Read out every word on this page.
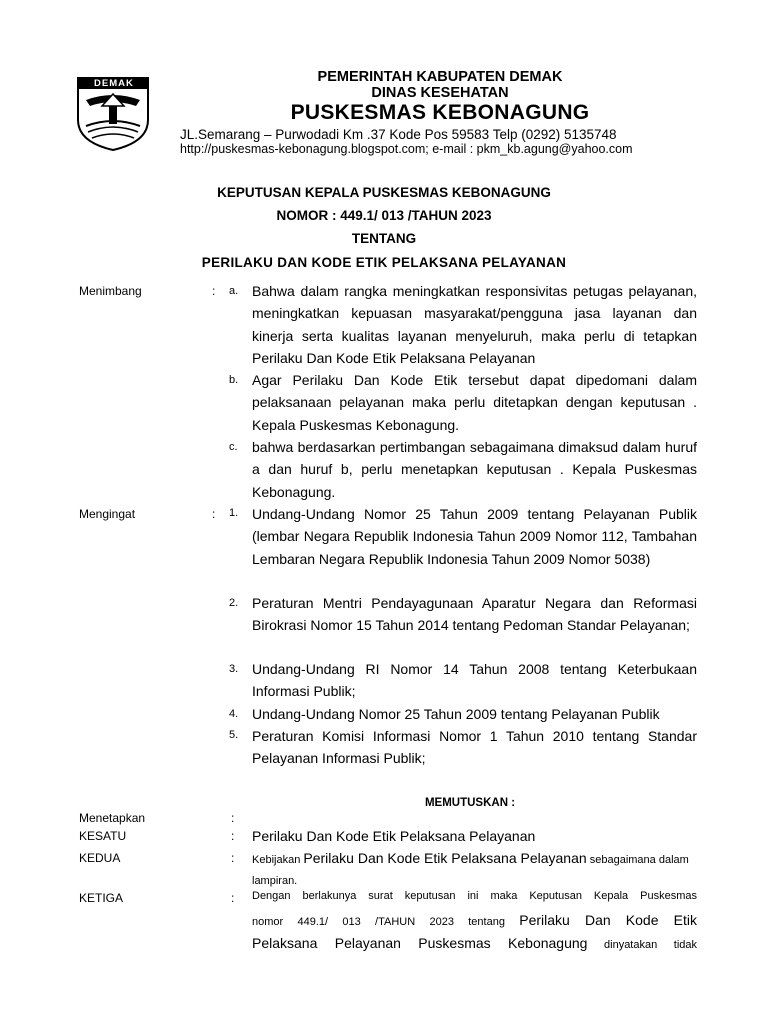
DEMAK	PEMERINTAH KABUPATEN DEMAK
DINAS KESEHATAN
PUSKESMAS KEBONAGUNG
JL.Semarang – Purwodadi Km .37 Kode Pos 59583 Telp (0292) 5135748
http://puskesmas-kebonagung.blogspot.com; e-mail : pkm_kb.agung@yahoo.com
KEPUTUSAN KEPALA PUSKESMAS KEBONAGUNG
NOMOR : 449.1/ 013 /TAHUN 2023
TENTANG
PERILAKU DAN KODE ETIK PELAKSANA PELAYANAN
Menimbang	: a. Bahwa dalam rangka meningkatkan responsivitas petugas pelayanan, meningkatkan kepuasan masyarakat/pengguna jasa layanan dan kinerja serta kualitas layanan menyeluruh, maka perlu di tetapkan Perilaku Dan Kode Etik Pelaksana Pelayanan
b. Agar Perilaku Dan Kode Etik tersebut dapat dipedomani dalam pelaksanaan pelayanan maka perlu ditetapkan dengan keputusan . Kepala Puskesmas Kebonagung.
c. bahwa berdasarkan pertimbangan sebagaimana dimaksud dalam huruf a dan huruf b, perlu menetapkan keputusan . Kepala Puskesmas Kebonagung.
Mengingat	: 1. Undang-Undang Nomor 25 Tahun 2009 tentang Pelayanan Publik (lembar Negara Republik Indonesia Tahun 2009 Nomor 112, Tambahan Lembaran Negara Republik Indonesia Tahun 2009 Nomor 5038)
2. Peraturan Mentri Pendayagunaan Aparatur Negara dan Reformasi Birokrasi Nomor 15 Tahun 2014 tentang Pedoman Standar Pelayanan;
3. Undang-Undang RI Nomor 14 Tahun 2008 tentang Keterbukaan Informasi Publik;
4. Undang-Undang Nomor 25 Tahun 2009 tentang Pelayanan Publik
5. Peraturan Komisi Informasi Nomor 1 Tahun 2010 tentang Standar Pelayanan Informasi Publik;
MEMUTUSKAN :
Menetapkan	:
KESATU	: Perilaku Dan Kode Etik Pelaksana Pelayanan
KEDUA	: Kebijakan Perilaku Dan Kode Etik Pelaksana Pelayanan sebagaimana dalam lampiran.
KETIGA	: Dengan berlakunya surat keputusan ini maka Keputusan Kepala Puskesmas
nomor 449.1/ 013 /TAHUN 2023 tentang Perilaku Dan Kode Etik
Pelaksana Pelayanan Puskesmas Kebonagung dinyatakan tidak
